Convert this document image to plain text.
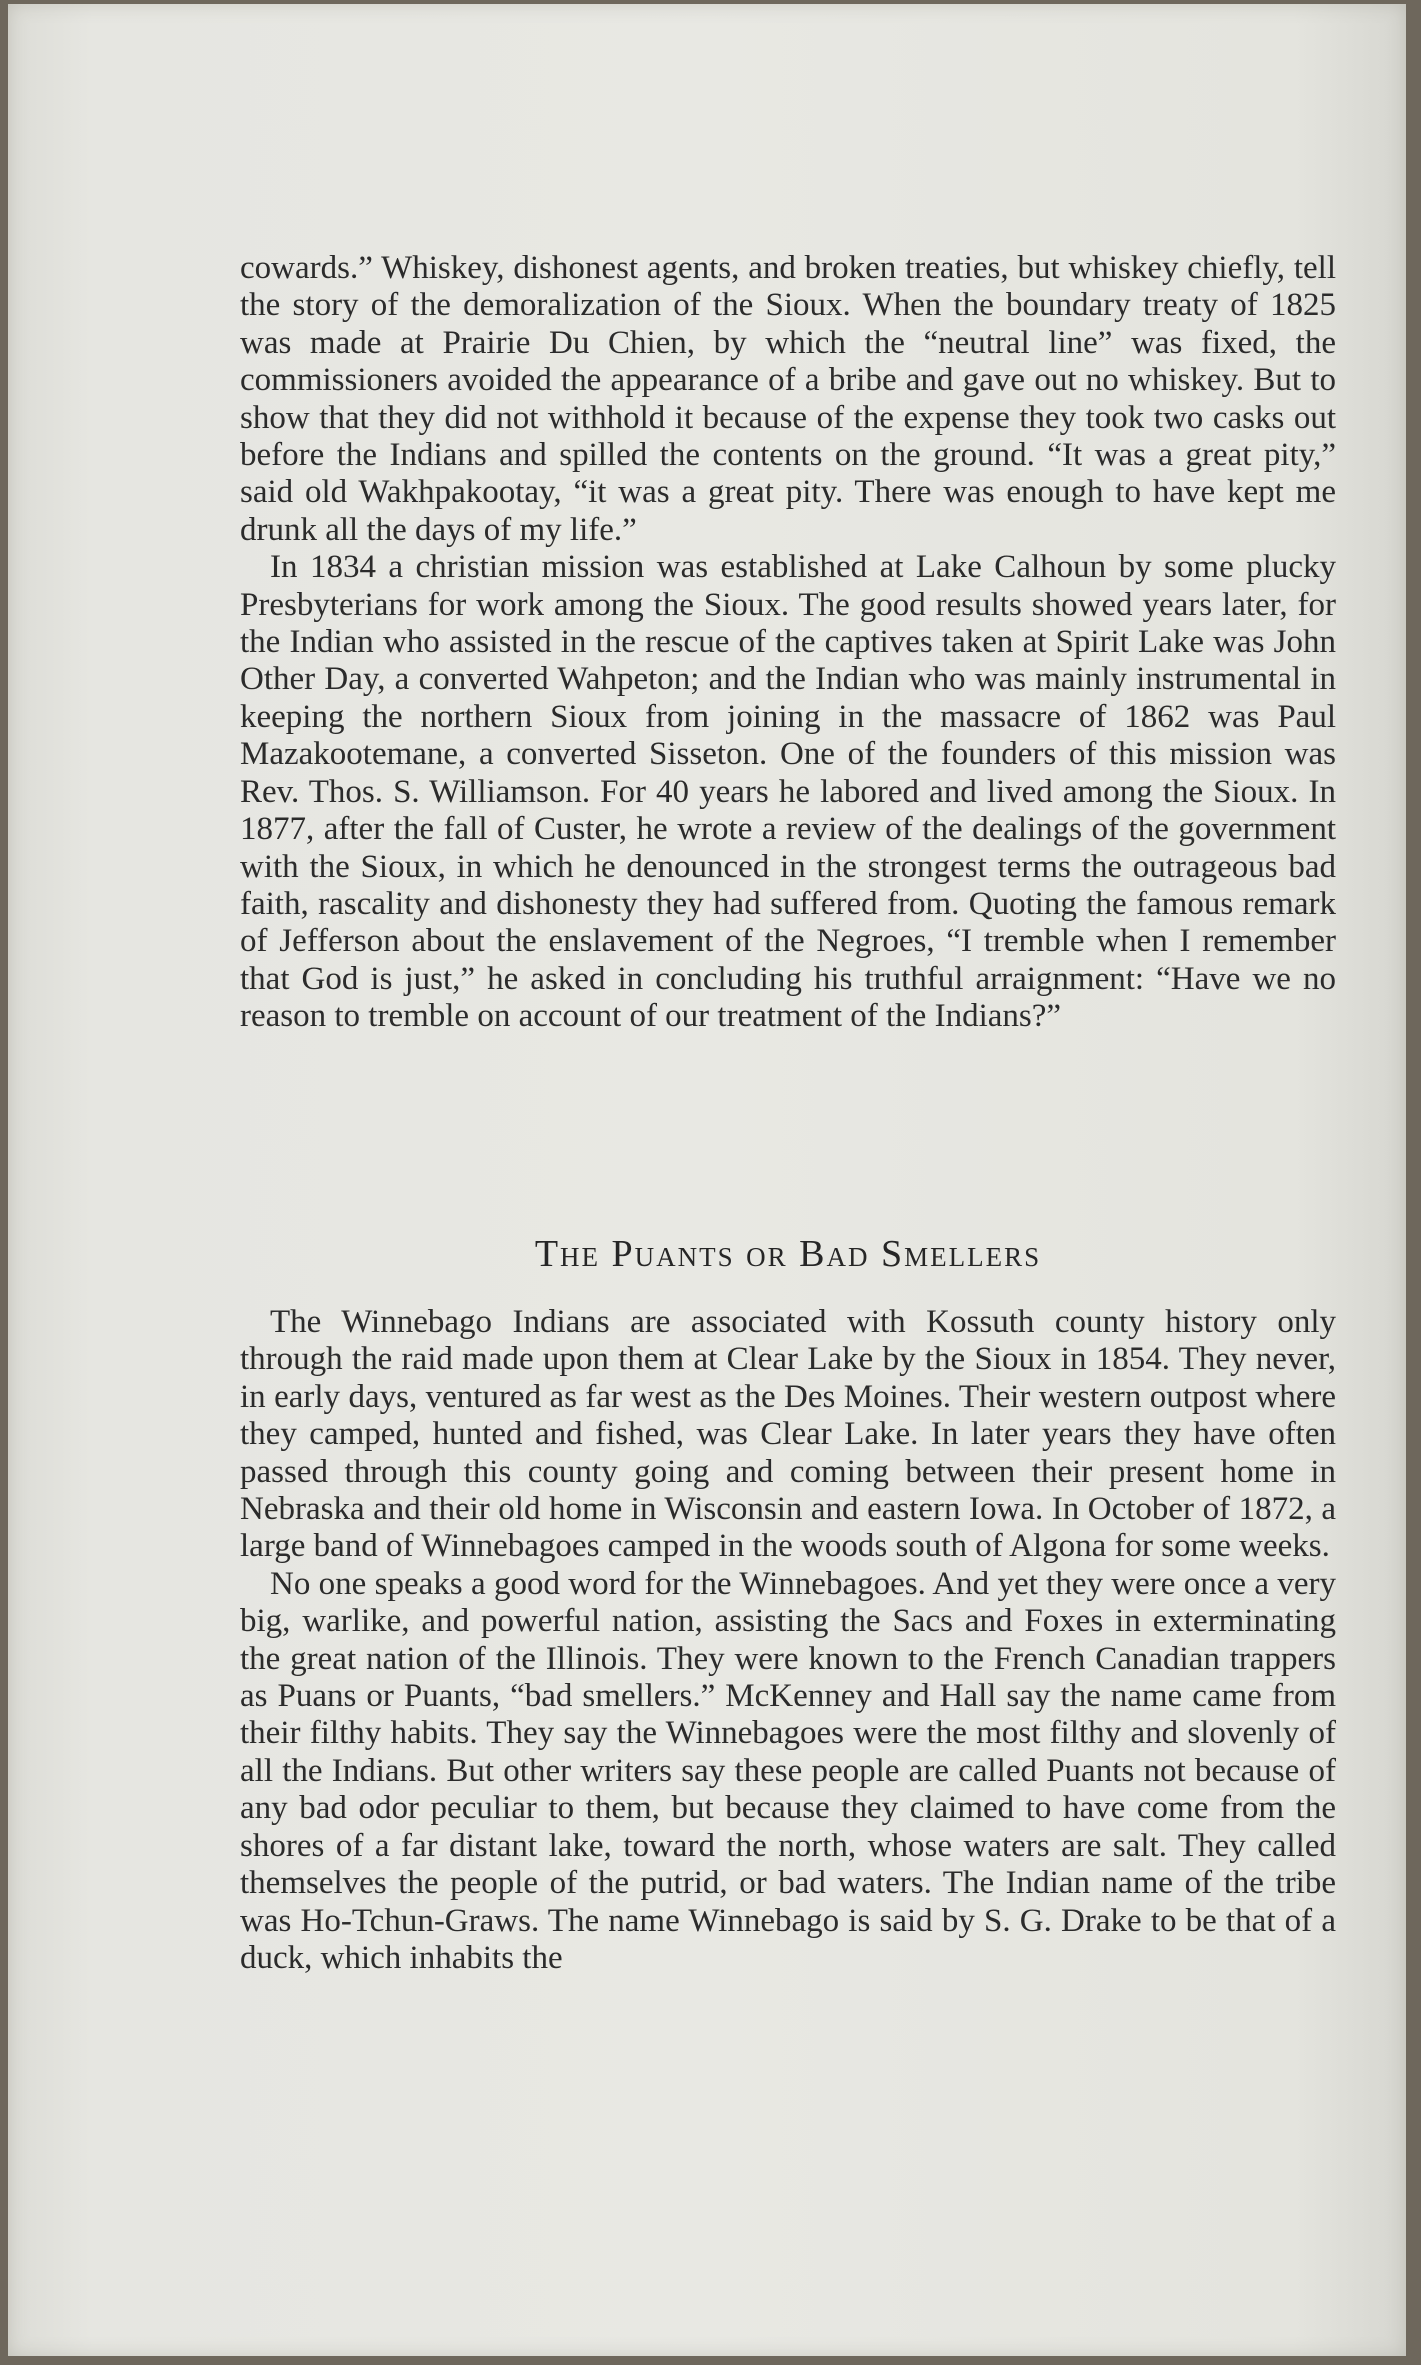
cowards.” Whiskey, dishonest agents, and broken treaties, but whiskey chiefly, tell the story of the demoralization of the Sioux. When the boundary treaty of 1825 was made at Prairie Du Chien, by which the “neutral line” was fixed, the commissioners avoided the appearance of a bribe and gave out no whiskey. But to show that they did not withhold it because of the expense they took two casks out before the Indians and spilled the contents on the ground. “It was a great pity,” said old Wakhpakootay, “it was a great pity. There was enough to have kept me drunk all the days of my life.”

In 1834 a christian mission was established at Lake Calhoun by some plucky Presbyterians for work among the Sioux. The good results showed years later, for the Indian who assisted in the rescue of the captives taken at Spirit Lake was John Other Day, a converted Wahpeton; and the Indian who was mainly instrumental in keeping the northern Sioux from joining in the massacre of 1862 was Paul Mazakootemane, a converted Sisseton. One of the founders of this mission was Rev. Thos. S. Williamson. For 40 years he labored and lived among the Sioux. In 1877, after the fall of Custer, he wrote a review of the dealings of the government with the Sioux, in which he denounced in the strongest terms the outrageous bad faith, rascality and dishonesty they had suffered from. Quoting the famous remark of Jefferson about the enslavement of the Negroes, “I tremble when I remember that God is just,” he asked in concluding his truthful arraignment: “Have we no reason to tremble on account of our treatment of the Indians?”

The Puants or Bad Smellers

The Winnebago Indians are associated with Kossuth county history only through the raid made upon them at Clear Lake by the Sioux in 1854. They never, in early days, ventured as far west as the Des Moines. Their western outpost where they camped, hunted and fished, was Clear Lake. In later years they have often passed through this county going and coming between their present home in Nebraska and their old home in Wisconsin and eastern Iowa. In October of 1872, a large band of Winnebagoes camped in the woods south of Algona for some weeks.

No one speaks a good word for the Winnebagoes. And yet they were once a very big, warlike, and powerful nation, assisting the Sacs and Foxes in exterminating the great nation of the Illinois. They were known to the French Canadian trappers as Puans or Puants, “bad smellers.” McKenney and Hall say the name came from their filthy habits. They say the Winnebagoes were the most filthy and slovenly of all the Indians. But other writers say these people are called Puants not because of any bad odor peculiar to them, but because they claimed to have come from the shores of a far distant lake, toward the north, whose waters are salt. They called themselves the people of the putrid, or bad waters. The Indian name of the tribe was Ho-Tchun-Graws. The name Winnebago is said by S. G. Drake to be that of a duck, which inhabits the
